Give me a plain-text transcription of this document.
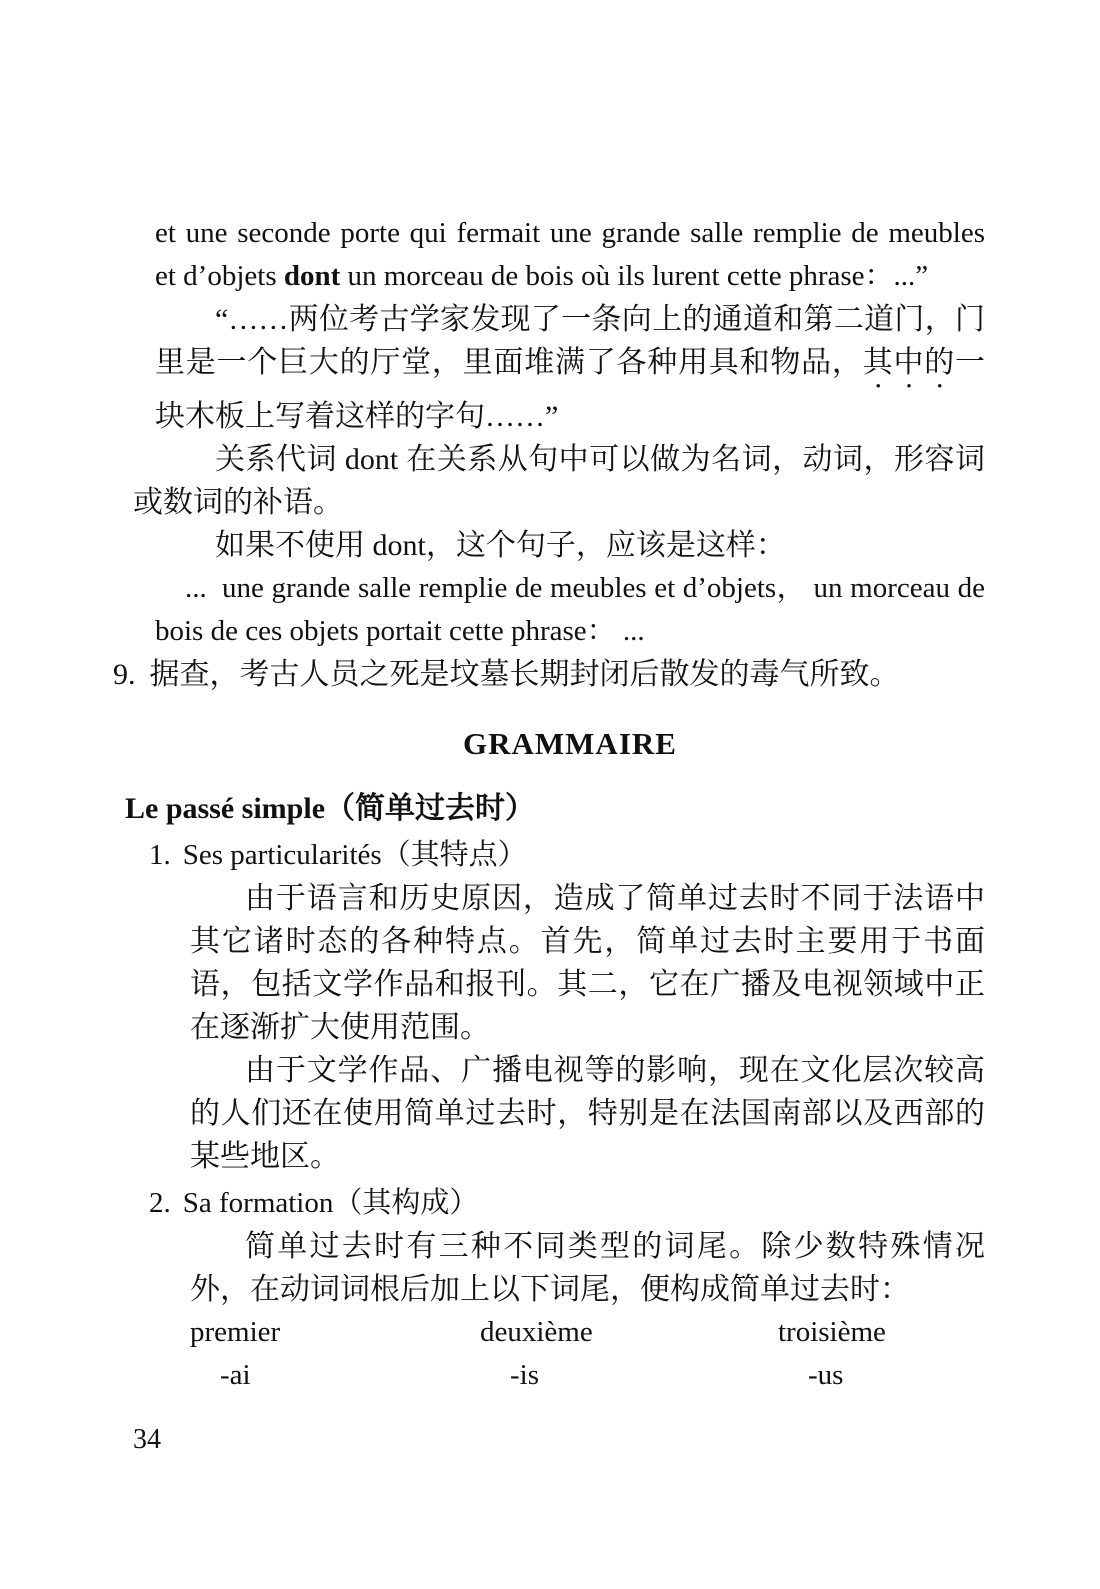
et une seconde porte qui fermait une grande salle remplie de meubles et d’objets dont un morceau de bois où ils lurent cette phrase：...”

“……两位考古学家发现了一条向上的通道和第二道门，门里是一个巨大的厅堂，里面堆满了各种用具和物品，其中的一块木板上写着这样的字句……”

关系代词 dont 在关系从句中可以做为名词，动词，形容词或数词的补语。

如果不使用 dont，这个句子，应该是这样：

...  une grande salle remplie de meubles et d’objets， un morceau de bois de ces objets portait cette phrase： ...

9. 据查，考古人员之死是坟墓长期封闭后散发的毒气所致。

GRAMMAIRE

Le passé simple（简单过去时）

1. Ses particularités（其特点）

由于语言和历史原因，造成了简单过去时不同于法语中其它诸时态的各种特点。首先，简单过去时主要用于书面语，包括文学作品和报刊。其二，它在广播及电视领域中正在逐渐扩大使用范围。

由于文学作品、广播电视等的影响，现在文化层次较高的人们还在使用简单过去时，特别是在法国南部以及西部的某些地区。

2. Sa formation（其构成）

简单过去时有三种不同类型的词尾。除少数特殊情况外，在动词词根后加上以下词尾，便构成简单过去时：

premier	deuxième	troisième
-ai	-is	-us
34
